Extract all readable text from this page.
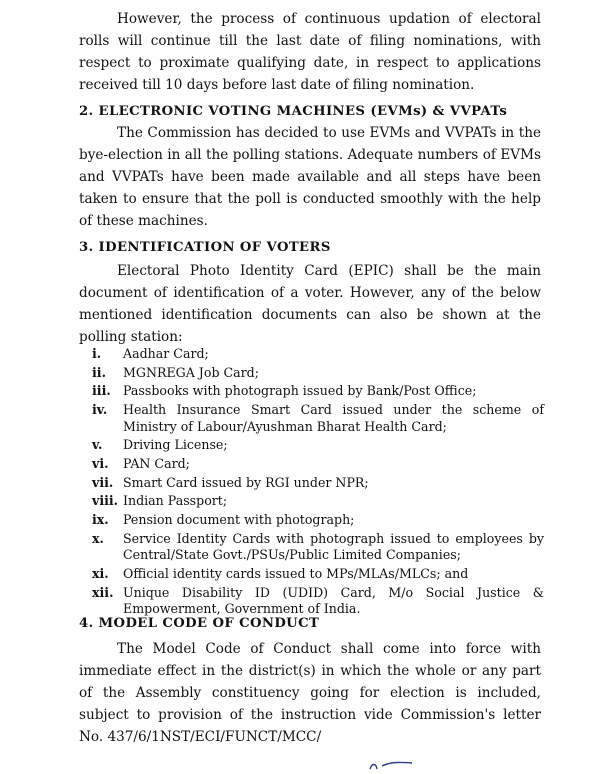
However, the process of continuous updation of electoral rolls will continue till the last date of filing nominations, with respect to proximate qualifying date, in respect to applications received till 10 days before last date of filing nomination.
2. ELECTRONIC VOTING MACHINES (EVMs) & VVPATs
The Commission has decided to use EVMs and VVPATs in the bye-election in all the polling stations. Adequate numbers of EVMs and VVPATs have been made available and all steps have been taken to ensure that the poll is conducted smoothly with the help of these machines.
3. IDENTIFICATION OF VOTERS
Electoral Photo Identity Card (EPIC) shall be the main document of identification of a voter. However, any of the below mentioned identification documents can also be shown at the polling station:
i.	Aadhar Card;
ii.	MGNREGA Job Card;
iii. Passbooks with photograph issued by Bank/Post Office;
iv.	Health Insurance Smart Card issued under the scheme of Ministry of Labour/Ayushman Bharat Health Card;
v.	Driving License;
vi.	PAN Card;
vii. Smart Card issued by RGI under NPR;
viii. Indian Passport;
ix.	Pension document with photograph;
x.	Service Identity Cards with photograph issued to employees by Central/State Govt./PSUs/Public Limited Companies;
xi.	Official identity cards issued to MPs/MLAs/MLCs; and
xii. Unique Disability ID (UDID) Card, M/o Social Justice & Empowerment, Government of India.
4. MODEL CODE OF CONDUCT
The Model Code of Conduct shall come into force with immediate effect in the district(s) in which the whole or any part of the Assembly constituency going for election is included, subject to provision of the instruction vide Commission's letter No. 437/6/1NST/ECI/FUNCT/MCC/
